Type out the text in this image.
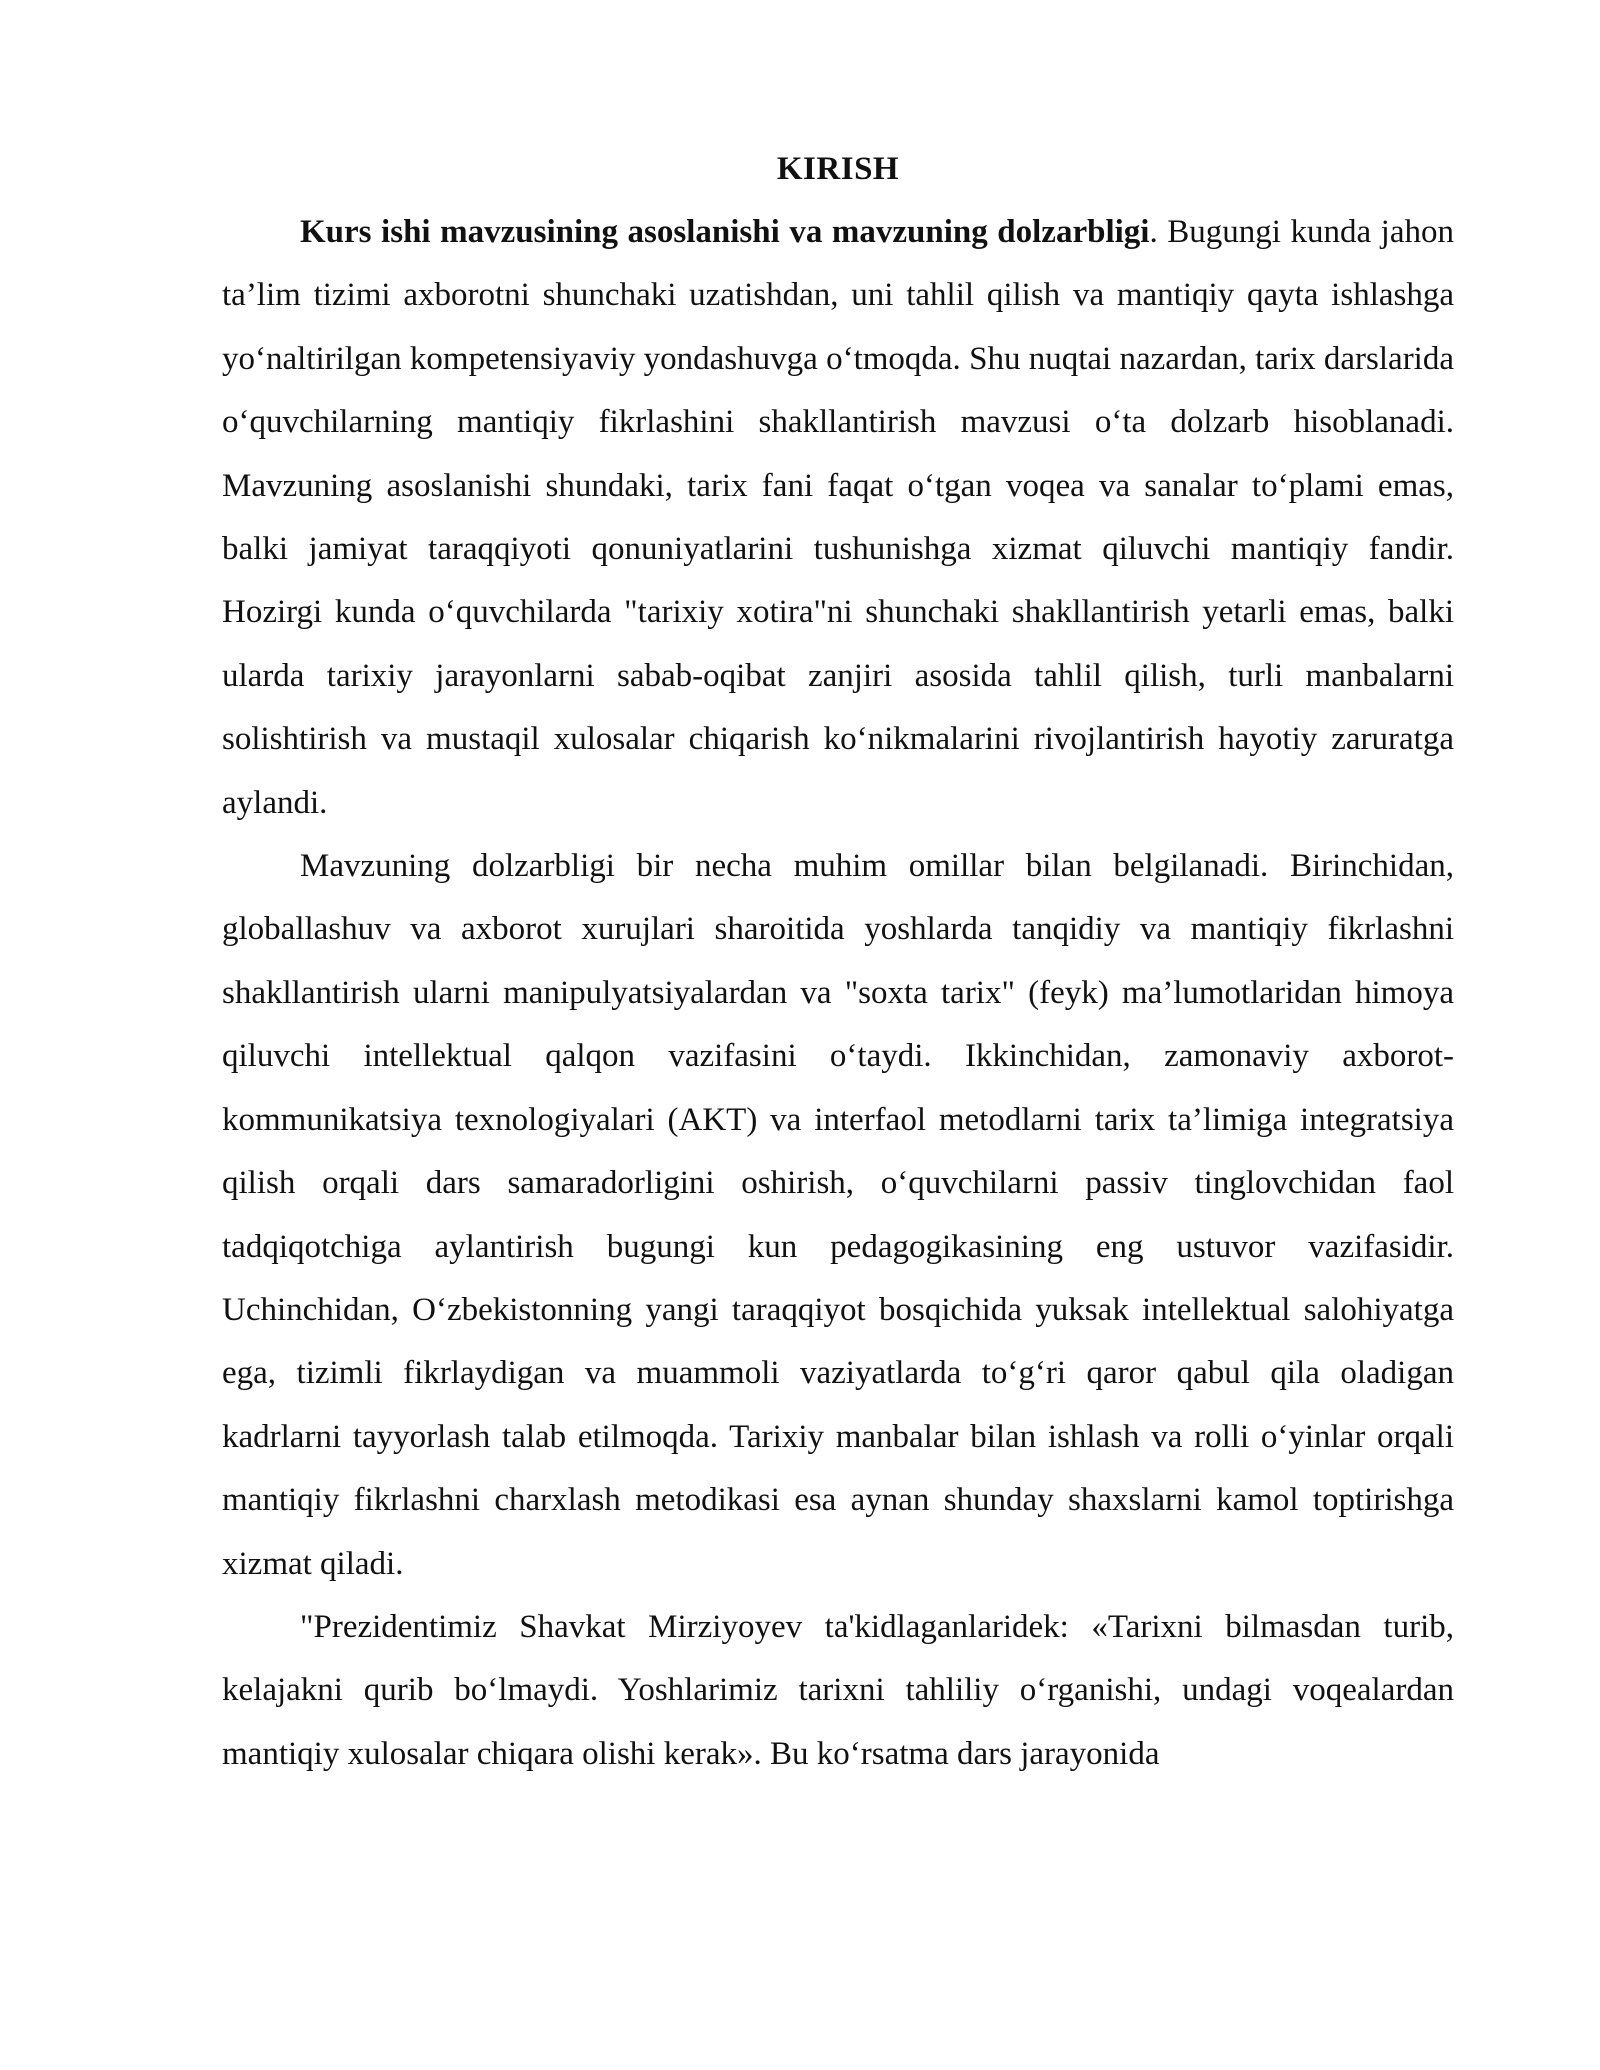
KIRISH

Kurs ishi mavzusining asoslanishi va mavzuning dolzarbligi. Bugungi kunda jahon ta’lim tizimi axborotni shunchaki uzatishdan, uni tahlil qilish va mantiqiy qayta ishlashga yo‘naltirilgan kompetensiyaviy yondashuvga o‘tmoqda. Shu nuqtai nazardan, tarix darslarida o‘quvchilarning mantiqiy fikrlashini shakllantirish mavzusi o‘ta dolzarb hisoblanadi. Mavzuning asoslanishi shundaki, tarix fani faqat o‘tgan voqea va sanalar to‘plami emas, balki jamiyat taraqqiyoti qonuniyatlarini tushunishga xizmat qiluvchi mantiqiy fandir. Hozirgi kunda o‘quvchilarda "tarixiy xotira"ni shunchaki shakllantirish yetarli emas, balki ularda tarixiy jarayonlarni sabab-oqibat zanjiri asosida tahlil qilish, turli manbalarni solishtirish va mustaqil xulosalar chiqarish ko‘nikmalarini rivojlantirish hayotiy zaruratga aylandi.

Mavzuning dolzarbligi bir necha muhim omillar bilan belgilanadi. Birinchidan, globallashuv va axborot xurujlari sharoitida yoshlarda tanqidiy va mantiqiy fikrlashni shakllantirish ularni manipulyatsiyalardan va "soxta tarix" (feyk) ma’lumotlaridan himoya qiluvchi intellektual qalqon vazifasini o‘taydi. Ikkinchidan, zamonaviy axborot-kommunikatsiya texnologiyalari (AKT) va interfaol metodlarni tarix ta’limiga integratsiya qilish orqali dars samaradorligini oshirish, o‘quvchilarni passiv tinglovchidan faol tadqiqotchiga aylantirish bugungi kun pedagogikasining eng ustuvor vazifasidir. Uchinchidan, O‘zbekistonning yangi taraqqiyot bosqichida yuksak intellektual salohiyatga ega, tizimli fikrlaydigan va muammoli vaziyatlarda to‘g‘ri qaror qabul qila oladigan kadrlarni tayyorlash talab etilmoqda. Tarixiy manbalar bilan ishlash va rolli o‘yinlar orqali mantiqiy fikrlashni charxlash metodikasi esa aynan shunday shaxslarni kamol toptirishga xizmat qiladi.

"Prezidentimiz Shavkat Mirziyoyev ta'kidlaganlaridek: «Tarixni bilmasdan turib, kelajakni qurib bo‘lmaydi. Yoshlarimiz tarixni tahliliy o‘rganishi, undagi voqealardan mantiqiy xulosalar chiqara olishi kerak». Bu ko‘rsatma dars jarayonida
